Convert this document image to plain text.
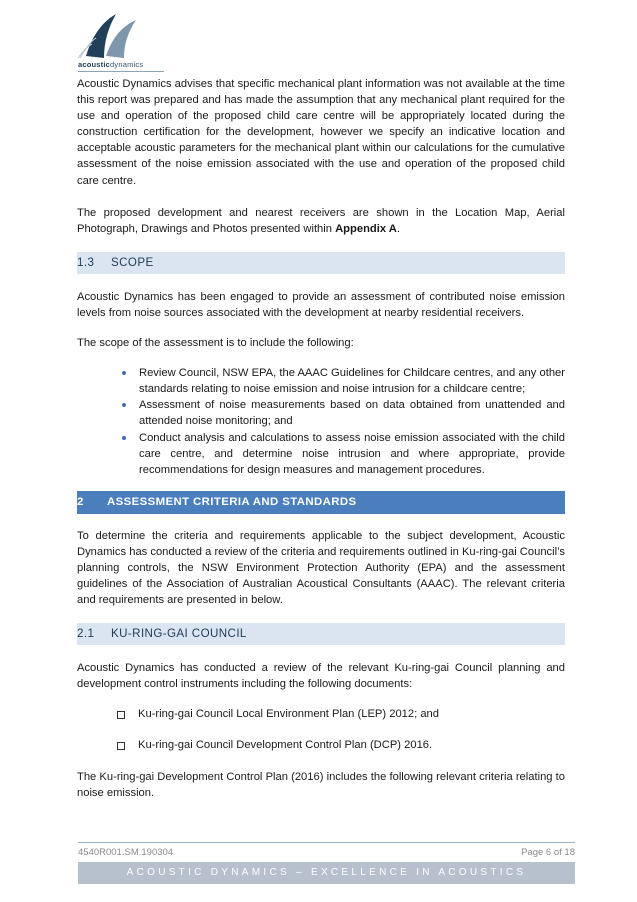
acousticdynamics

Acoustic Dynamics advises that specific mechanical plant information was not available at the time this report was prepared and has made the assumption that any mechanical plant required for the use and operation of the proposed child care centre will be appropriately located during the construction certification for the development, however we specify an indicative location and acceptable acoustic parameters for the mechanical plant within our calculations for the cumulative assessment of the noise emission associated with the use and operation of the proposed child care centre.

The proposed development and nearest receivers are shown in the Location Map, Aerial Photograph, Drawings and Photos presented within Appendix A.

1.3	SCOPE

Acoustic Dynamics has been engaged to provide an assessment of contributed noise emission levels from noise sources associated with the development at nearby residential receivers.

The scope of the assessment is to include the following:

Review Council, NSW EPA, the AAAC Guidelines for Childcare centres, and any other standards relating to noise emission and noise intrusion for a childcare centre;
Assessment of noise measurements based on data obtained from unattended and attended noise monitoring; and
Conduct analysis and calculations to assess noise emission associated with the child care centre, and determine noise intrusion and where appropriate, provide recommendations for design measures and management procedures.
2	ASSESSMENT CRITERIA AND STANDARDS

To determine the criteria and requirements applicable to the subject development, Acoustic Dynamics has conducted a review of the criteria and requirements outlined in Ku-ring-gai Council’s planning controls, the NSW Environment Protection Authority (EPA) and the assessment guidelines of the Association of Australian Acoustical Consultants (AAAC). The relevant criteria and requirements are presented in below.

2.1	KU-RING-GAI COUNCIL

Acoustic Dynamics has conducted a review of the relevant Ku-ring-gai Council planning and development control instruments including the following documents:

Ku-ring-gai Council Local Environment Plan (LEP) 2012; and
Ku-ring-gai Council Development Control Plan (DCP) 2016.

The Ku-ring-gai Development Control Plan (2016) includes the following relevant criteria relating to noise emission.

4540R001.SM.190304	Page 6 of 18
ACOUSTIC DYNAMICS – EXCELLENCE IN ACOUSTICS
